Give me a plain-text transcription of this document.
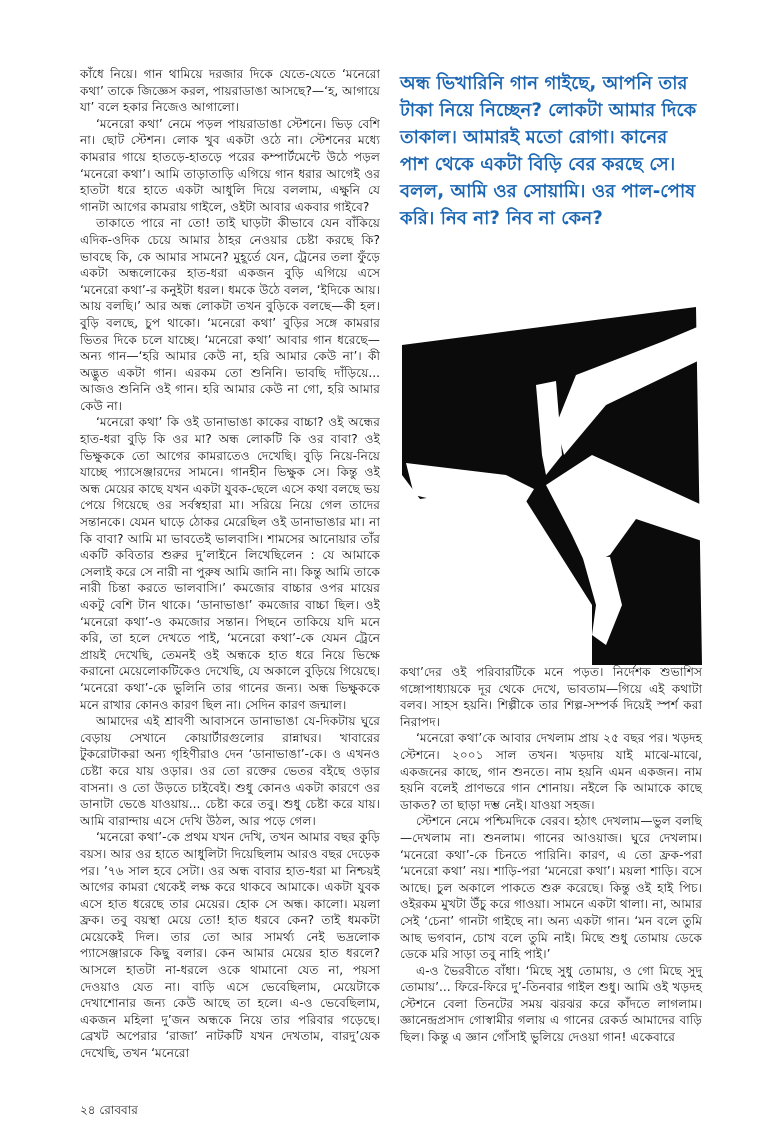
কাঁধে নিয়ে। গান থামিয়ে দরজার দিকে যেতে-যেতে ‘মনেরো কথা’ তাকে জিজ্ঞেস করল, পায়রাডাঙা আসছে?—‘হ, আগায়ে যা’ বলে হকার নিজেও আগালো।

‘মনেরো কথা’ নেমে পড়ল পায়রাডাঙা স্টেশনে। ভিড় বেশি না। ছোট স্টেশন। লোক খুব একটা ওঠে না। স্টেশনের মধ্যে কামরার গায়ে হাতড়ে-হাতড়ে পরের কম্পার্টমেন্টে উঠে পড়ল ‘মনেরো কথা’। আমি তাড়াতাড়ি এগিয়ে গান ধরার আগেই ওর হাতটা ধরে হাতে একটা আধুলি দিয়ে বললাম, এক্ষুনি যে গানটা আগের কামরায় গাইলে, ওইটা আবার একবার গাইবে?

তাকাতে পারে না তো! তাই ঘাড়টা কীভাবে যেন বাঁকিয়ে এদিক-ওদিক চেয়ে আমার ঠাহর নেওয়ার চেষ্টা করছে কি? ভাবছে কি, কে আমার সামনে? মুহূর্তে যেন, ট্রেনের তলা ফুঁড়ে একটা অন্ধলোকের হাত-ধরা একজন বুড়ি এগিয়ে এসে ‘মনেরো কথা’-র কনুইটা ধরল। ধমকে উঠে বলল, ‘ইদিকে আয়। আয় বলছি।’ আর অন্ধ লোকটা তখন বুড়িকে বলছে—কী হল। বুড়ি বলছে, চুপ থাকো। ‘মনেরো কথা’ বুড়ির সঙ্গে কামরার ভিতর দিকে চলে যাচ্ছে। ‘মনেরো কথা’ আবার গান ধরেছে—অন্য গান—‘হরি আমার কেউ না, হরি আমার কেউ না’। কী অদ্ভুত একটা গান। এরকম তো শুনিনি। ভাবছি দাঁড়িয়ে... আজও শুনিনি ওই গান। হরি আমার কেউ না গো, হরি আমার কেউ না।

‘মনেরো কথা’ কি ওই ডানাভাঙা কাকের বাচ্চা? ওই অন্ধের হাত-ধরা বুড়ি কি ওর মা? অন্ধ লোকটি কি ওর বাবা? ওই ভিক্ষুককে তো আগের কামরাতেও দেখেছি। বুড়ি নিয়ে-নিয়ে যাচ্ছে প্যাসেঞ্জারদের সামনে। গানহীন ভিক্ষুক সে। কিন্তু ওই অন্ধ মেয়ের কাছে যখন একটা যুবক-ছেলে এসে কথা বলছে ভয় পেয়ে গিয়েছে ওর সর্বস্বহারা মা। সরিয়ে নিয়ে গেল তাদের সন্তানকে। যেমন ঘাড়ে ঠোকর মেরেছিল ওই ডানাভাঙার মা। না কি বাবা? আমি মা ভাবতেই ভালবাসি। শামসের আনোয়ার তাঁর একটি কবিতার শুরুর দু’লাইনে লিখেছিলেন : যে আমাকে সেলাই করে সে নারী না পুরুষ আমি জানি না। কিন্তু আমি তাকে নারী চিন্তা করতে ভালবাসি।’ কমজোর বাচ্চার ওপর মায়ের একটু বেশি টান থাকে। ‘ডানাভাঙা’ কমজোর বাচ্চা ছিল। ওই ‘মনেরো কথা’-ও কমজোর সন্তান। পিছনে তাকিয়ে যদি মনে করি, তা হলে দেখতে পাই, ‘মনেরো কথা’-কে যেমন ট্রেনে প্রায়ই দেখেছি, তেমনই ওই অন্ধকে হাত ধরে নিয়ে ভিক্ষে করানো মেয়েলোকটিকেও দেখেছি, যে অকালে বুড়িয়ে গিয়েছে। ‘মনেরো কথা’-কে ভুলিনি তার গানের জন্য। অন্ধ ভিক্ষুককে মনে রাখার কোনও কারণ ছিল না। সেদিন কারণ জন্মাল।

আমাদের এই শ্রাবণী আবাসনে ডানাভাঙা যে-দিকটায় ঘুরে বেড়ায় সেখানে কোয়ার্টারগুলোর রান্নাঘর। খাবারের টুকরোটাকরা অন্য গৃহিণীরাও দেন ‘ডানাভাঙা’-কে। ও এখনও চেষ্টা করে যায় ওড়ার। ওর তো রক্তের ভেতর বইছে ওড়ার বাসনা। ও তো উড়তে চাইবেই। শুধু কোনও একটা কারণে ওর ডানাটা ভেঙে যাওয়ায়... চেষ্টা করে তবু। শুধু চেষ্টা করে যায়। আমি বারান্দায় এসে দেখি উঠল, আর পড়ে গেল।

‘মনেরো কথা’-কে প্রথম যখন দেখি, তখন আমার বছর কুড়ি বয়স। আর ওর হাতে আধুলিটা দিয়েছিলাম আরও বছর দেড়েক পর। ’৭৬ সাল হবে সেটা। ওর অন্ধ বাবার হাত-ধরা মা নিশ্চয়ই আগের কামরা থেকেই লক্ষ করে থাকবে আমাকে। একটা যুবক এসে হাত ধরেছে তার মেয়ের। হোক সে অন্ধ। কালো। ময়লা ফ্রক। তবু বয়স্থা মেয়ে তো! হাত ধরবে কেন? তাই ধমকটা মেয়েকেই দিল। তার তো আর সামর্থ্য নেই ভদ্রলোক প্যাসেঞ্জারকে কিছু বলার। কেন আমার মেয়ের হাত ধরলে? আসলে হাতটা না-ধরলে ওকে থামানো যেত না, পয়সা দেওয়াও যেত না। বাড়ি এসে ভেবেছিলাম, মেয়েটাকে দেখাশোনার জন্য কেউ আছে তা হলে। এ-ও ভেবেছিলাম, একজন মহিলা দু’জন অন্ধকে নিয়ে তার পরিবার গড়েছে। ব্রেখট অপেরার ‘রাজা’ নাটকটি যখন দেখতাম, বারদু’য়েক দেখেছি, তখন ‘মনেরো

অন্ধ ভিখারিনি গান গাইছে, আপনি তার টাকা নিয়ে নিচ্ছেন? লোকটা আমার দিকে তাকাল। আমারই মতো রোগা। কানের পাশ থেকে একটা বিড়ি বের করছে সে। বলল, আমি ওর সোয়ামি। ওর পাল-পোষ করি। নিব না? নিব না কেন?

কথা’দের ওই পরিবারটিকে মনে পড়ত। নির্দেশক শুভাশিস গঙ্গোপাধ্যায়কে দূর থেকে দেখে, ভাবতাম—গিয়ে এই কথাটা বলব। সাহস হয়নি। শিল্পীকে তার শিল্প-সম্পর্ক দিয়েই স্পর্শ করা নিরাপদ।

‘মনেরো কথা’কে আবার দেখলাম প্রায় ২৫ বছর পর। খড়দহ স্টেশনে। ২০০১ সাল তখন। খড়দায় যাই মাঝে-মাঝে, একজনের কাছে, গান শুনতে। নাম হয়নি এমন একজন। নাম হয়নি বলেই প্রাণভরে গান শোনায়। নইলে কি আমাকে কাছে ডাকত? তা ছাড়া দম্ভ নেই। যাওয়া সহজ।

স্টেশনে নেমে পশ্চিমদিকে বেরব। হঠাৎ দেখলাম—ভুল বলছি—দেখলাম না। শুনলাম। গানের আওয়াজ। ঘুরে দেখলাম। ‘মনেরো কথা’-কে চিনতে পারিনি। কারণ, এ তো ফ্রক-পরা ‘মনেরো কথা’ নয়। শাড়ি-পরা ‘মনেরো কথা’। ময়লা শাড়ি। বসে আছে। চুল অকালে পাকতে শুরু করেছে। কিন্তু ওই হাই পিচ। ওইরকম মুখটা উঁচু করে গাওয়া। সামনে একটা থালা। না, আমার সেই ‘চেনা’ গানটা গাইছে না। অন্য একটা গান। ‘মন বলে তুমি আছ ভগবান, চোখ বলে তুমি নাই। মিছে শুধু তোমায় ডেকে ডেকে মরি সাড়া তবু নাহি পাই।’

এ-ও ভৈরবীতে বাঁধা। ‘মিছে সুধু তোমায়, ও গো মিছে সুদু তোমায়’... ফিরে-ফিরে দু’-তিনবার গাইল শুধু। আমি ওই খড়দহ স্টেশনে বেলা তিনটের সময় ঝরঝর করে কাঁদতে লাগলাম। জ্ঞানেন্দ্রপ্রসাদ গোস্বামীর গলায় এ গানের রেকর্ড আমাদের বাড়ি ছিল। কিন্তু এ জ্ঞান গোঁসাই ভুলিয়ে দেওয়া গান! একেবারে

২৪ রোববার
